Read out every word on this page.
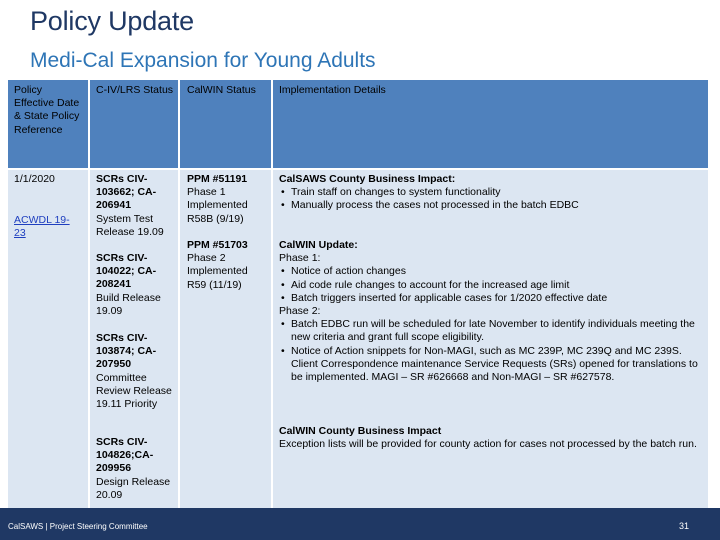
Policy Update
Medi-Cal Expansion for Young Adults
Policy Effective Date & State Policy Reference
C-IV/LRS Status CalWIN Status	Implementation Details
1/1/2020
ACWDL 19-23
SCRs CIV-103662; CA-206941
System Test Release 19.09
SCRs CIV-104022; CA-208241
Build Release 19.09
SCRs CIV-103874; CA-207950
Committee Review Release 19.11 Priority
SCRs CIV-104826;CA-209956
Design Release 20.09
PPM #51191
Phase 1 Implemented R58B (9/19)
PPM #51703
Phase 2 Implemented R59 (11/19)
CalSAWS County Business Impact:
• Train staff on changes to system functionality
• Manually process the cases not processed in the batch EDBC
CalWIN Update:
Phase 1:
• Notice of action changes
• Aid code rule changes to account for the increased age limit
• Batch triggers inserted for applicable cases for 1/2020 effective date
Phase 2:
• Batch EDBC run will be scheduled for late November to identify individuals meeting the new criteria and grant full scope eligibility.
• Notice of Action snippets for Non-MAGI, such as MC 239P, MC 239Q and MC 239S. Client Correspondence maintenance Service Requests (SRs) opened for translations to be implemented. MAGI – SR #626668 and Non-MAGI – SR #627578.
CalWIN County Business Impact
Exception lists will be provided for county action for cases not processed by the batch run.
CalSAWS | Project Steering Committee	31
